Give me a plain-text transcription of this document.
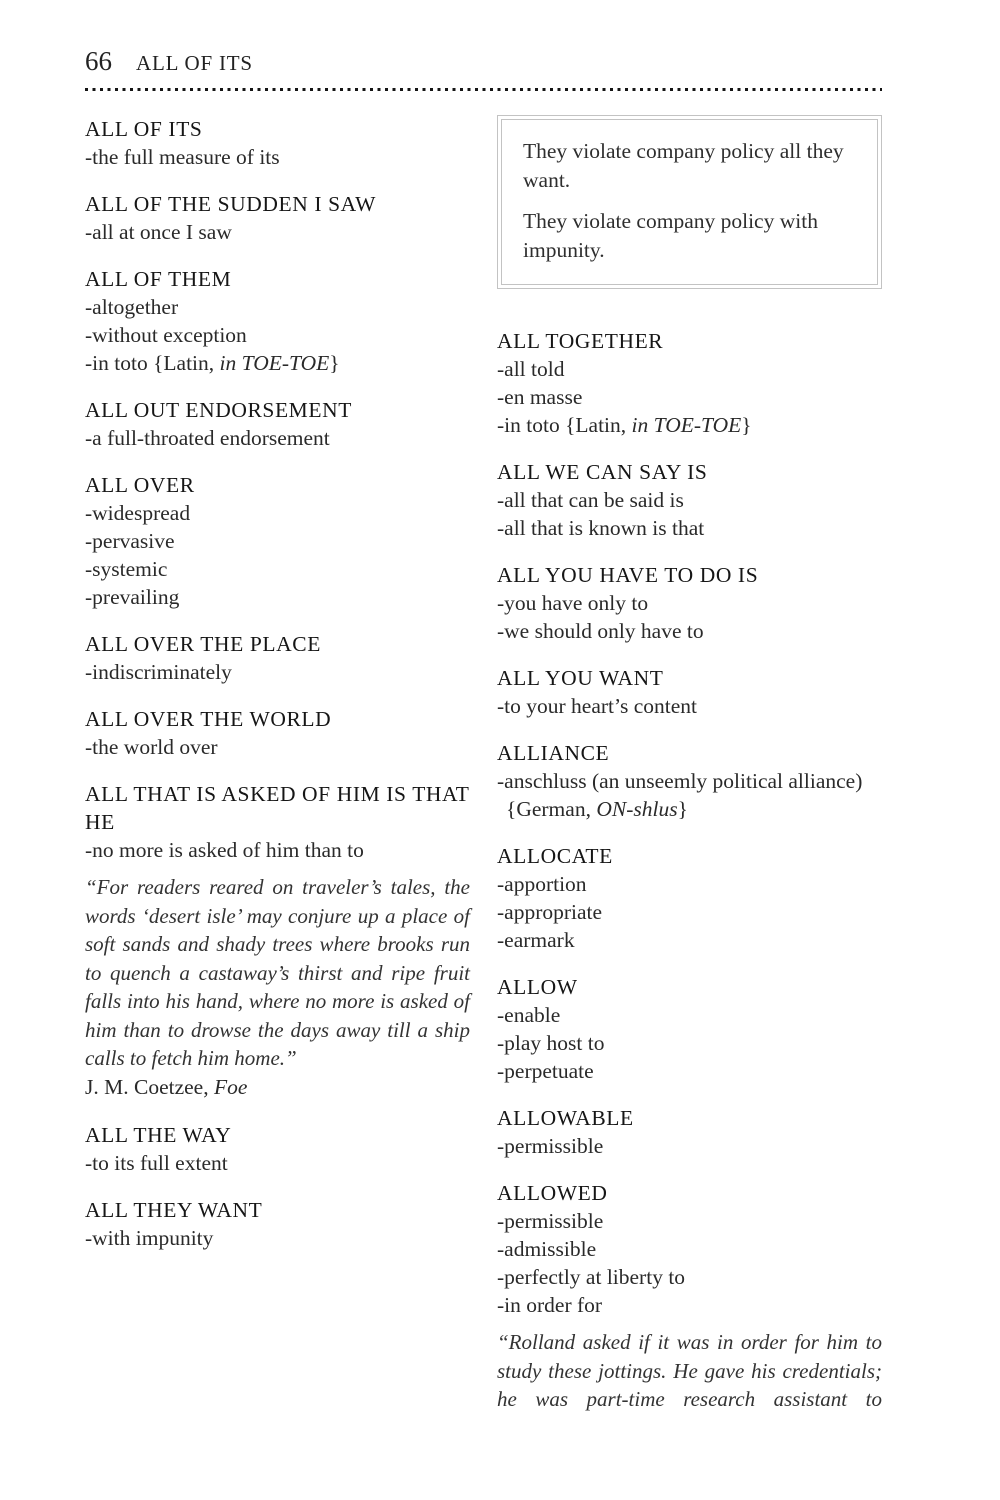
66 ALL OF ITS
ALL OF ITS
-the full measure of its
ALL OF THE SUDDEN I SAW
-all at once I saw
ALL OF THEM
-altogether
-without exception
-in toto {Latin, in TOE-TOE}
ALL OUT ENDORSEMENT
-a full-throated endorsement
ALL OVER
-widespread
-pervasive
-systemic
-prevailing
ALL OVER THE PLACE
-indiscriminately
ALL OVER THE WORLD
-the world over
ALL THAT IS ASKED OF HIM IS THAT HE
-no more is asked of him than to
“For readers reared on traveler’s tales, the words ‘desert isle’ may conjure up a place of soft sands and shady trees where brooks run to quench a castaway’s thirst and ripe fruit falls into his hand, where no more is asked of him than to drowse the days away till a ship calls to fetch him home.”
J. M. Coetzee, Foe
ALL THE WAY
-to its full extent
ALL THEY WANT
-with impunity

They violate company policy all they want.

They violate company policy with impunity.

ALL TOGETHER
-all told
-en masse
-in toto {Latin, in TOE-TOE}
ALL WE CAN SAY IS
-all that can be said is
-all that is known is that
ALL YOU HAVE TO DO IS
-you have only to
-we should only have to
ALL YOU WANT
-to your heart’s content
ALLIANCE
-anschluss (an unseemly political alliance) {German, ON-shlus}
ALLOCATE
-apportion
-appropriate
-earmark
ALLOW
-enable
-play host to
-perpetuate
ALLOWABLE
-permissible
ALLOWED
-permissible
-admissible
-perfectly at liberty to
-in order for
“Rolland asked if it was in order for him to study these jottings. He gave his credentials; he was part-time research assistant to
